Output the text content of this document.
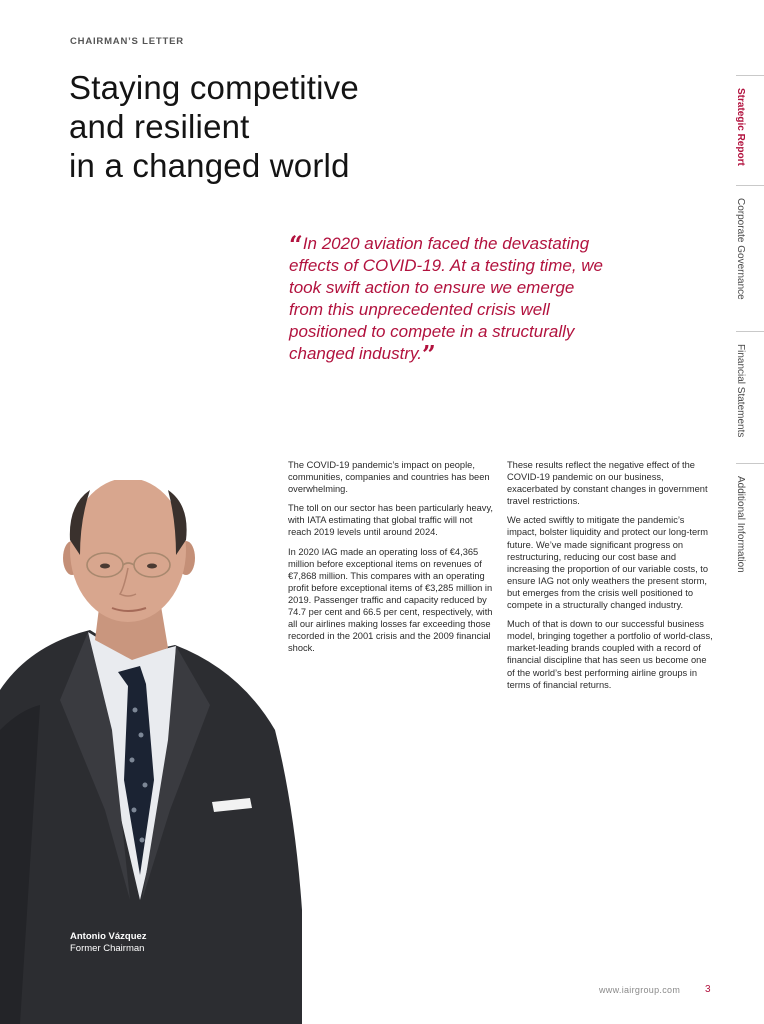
CHAIRMAN’S LETTER
Staying competitive
and resilient
in a changed world
“In 2020 aviation faced the devastating effects of COVID-19. At a testing time, we took swift action to ensure we emerge from this unprecedented crisis well positioned to compete in a structurally changed industry.”

The COVID-19 pandemic’s impact on people, communities, companies and countries has been overwhelming.

The toll on our sector has been particularly heavy, with IATA estimating that global traffic will not reach 2019 levels until around 2024.

In 2020 IAG made an operating loss of €4,365 million before exceptional items on revenues of €7,868 million. This compares with an operating profit before exceptional items of €3,285 million in 2019. Passenger traffic and capacity reduced by 74.7 per cent and 66.5 per cent, respectively, with all our airlines making losses far exceeding those recorded in the 2001 crisis and the 2009 financial shock.

These results reflect the negative effect of the COVID-19 pandemic on our business, exacerbated by constant changes in government travel restrictions.

We acted swiftly to mitigate the pandemic’s impact, bolster liquidity and protect our long-term future. We’ve made significant progress on restructuring, reducing our cost base and increasing the proportion of our variable costs, to ensure IAG not only weathers the present storm, but emerges from the crisis well positioned to compete in a structurally changed industry.

Much of that is down to our successful business model, bringing together a portfolio of world-class, market-leading brands coupled with a record of financial discipline that has seen us become one of the world’s best performing airline groups in terms of financial returns.

Strategic Report
Corporate Governance
Financial Statements
Additional Information
Antonio Vázquez
Former Chairman
www.iairgroup.com 3
